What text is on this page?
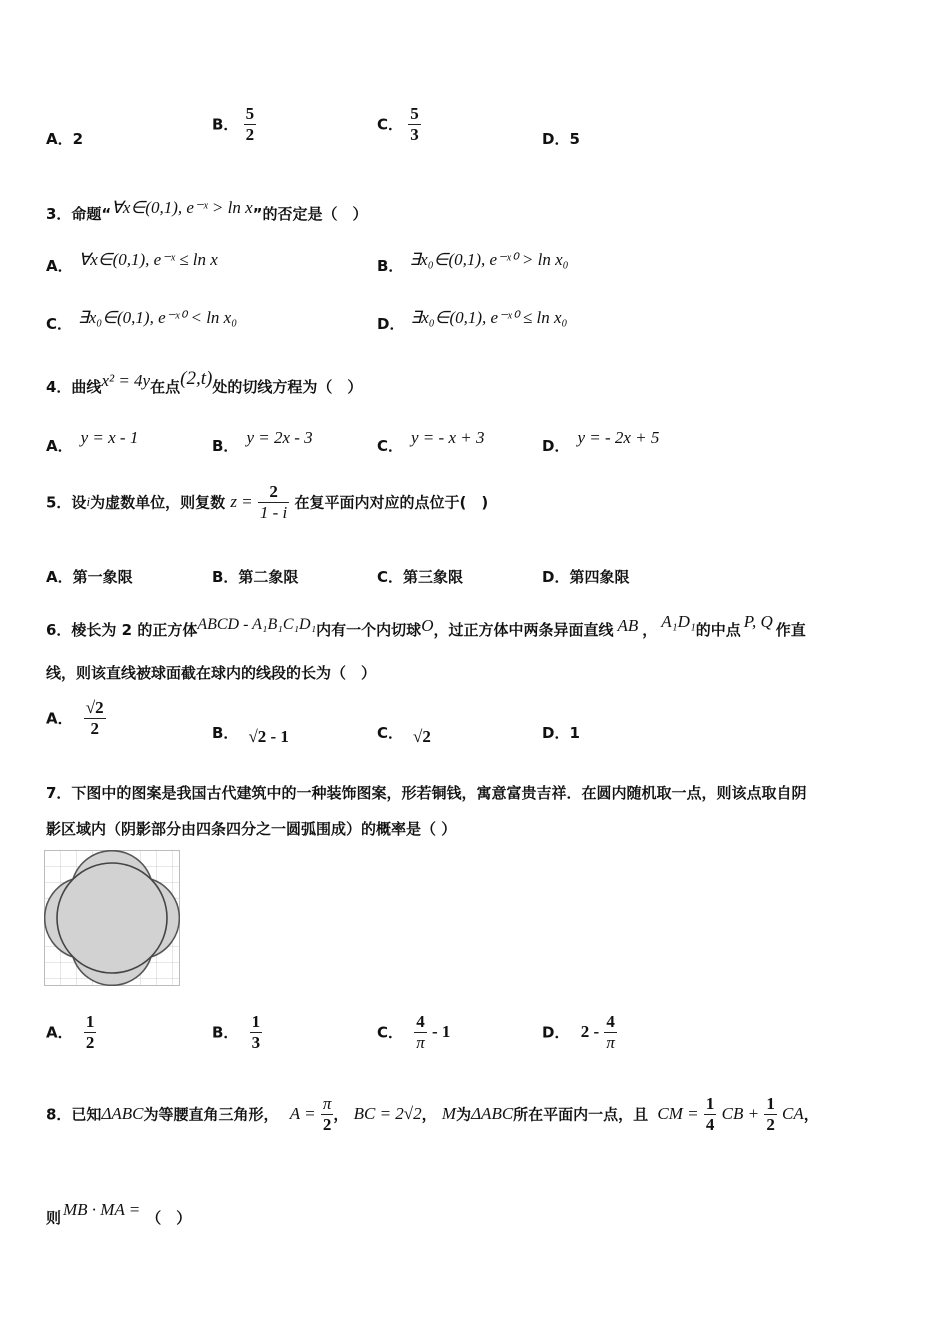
A．2
B． $\frac{5}{2}$	C． $\frac{5}{3}$	D．5
3．命题“∀x∈(0,1), e⁻ˣ > ln x”的否定是（　）
A． ∀x∈(0,1), e⁻ˣ ≤ ln x	B． ∃x₀∈(0,1), e⁻ˣ⁰ > ln x₀
C． ∃x₀∈(0,1), e⁻ˣ⁰ < ln x₀	D． ∃x₀∈(0,1), e⁻ˣ⁰ ≤ ln x₀
4．曲线x² = 4y在点(2,t)处的切线方程为（　）
A． y = x - 1	B． y = 2x - 3	C． y = - x + 3	D． y = - 2x + 5
5．设i为虚数单位，则复数 $z = \frac{2}{1 - i}$ 在复平面内对应的点位于(　)
A．第一象限	B．第二象限	C．第三象限	D．第四象限
6．棱长为 2 的正方体ABCD - A₁B₁C₁D₁内有一个内切球O，过正方体中两条异面直线 AB ， A₁D₁的中点 P, Q 作直
线，则该直线被球面截在球内的线段的长为（　）
A． $\frac{√2}{2}$	B． √2 - 1	C． √2	D．1
7．下图中的图案是我国古代建筑中的一种装饰图案，形若铜钱，寓意富贵吉祥．在圆内随机取一点，则该点取自阴
影区域内（阴影部分由四条四分之一圆弧围成）的概率是（ ）
A． $\frac{1}{2}$	B． $\frac{1}{3}$	C． $\frac{4}{\pi} - 1$	D． $2 - \frac{4}{\pi}$
8．已知ΔABC为等腰直角三角形， $A = \frac{\pi}{2}$ ， BC = 2√2， M为ΔABC所在平面内一点，且 CM = $\frac{1}{4}$ CB + $\frac{1}{2}$ CA，
则 MB · MA = （　）
